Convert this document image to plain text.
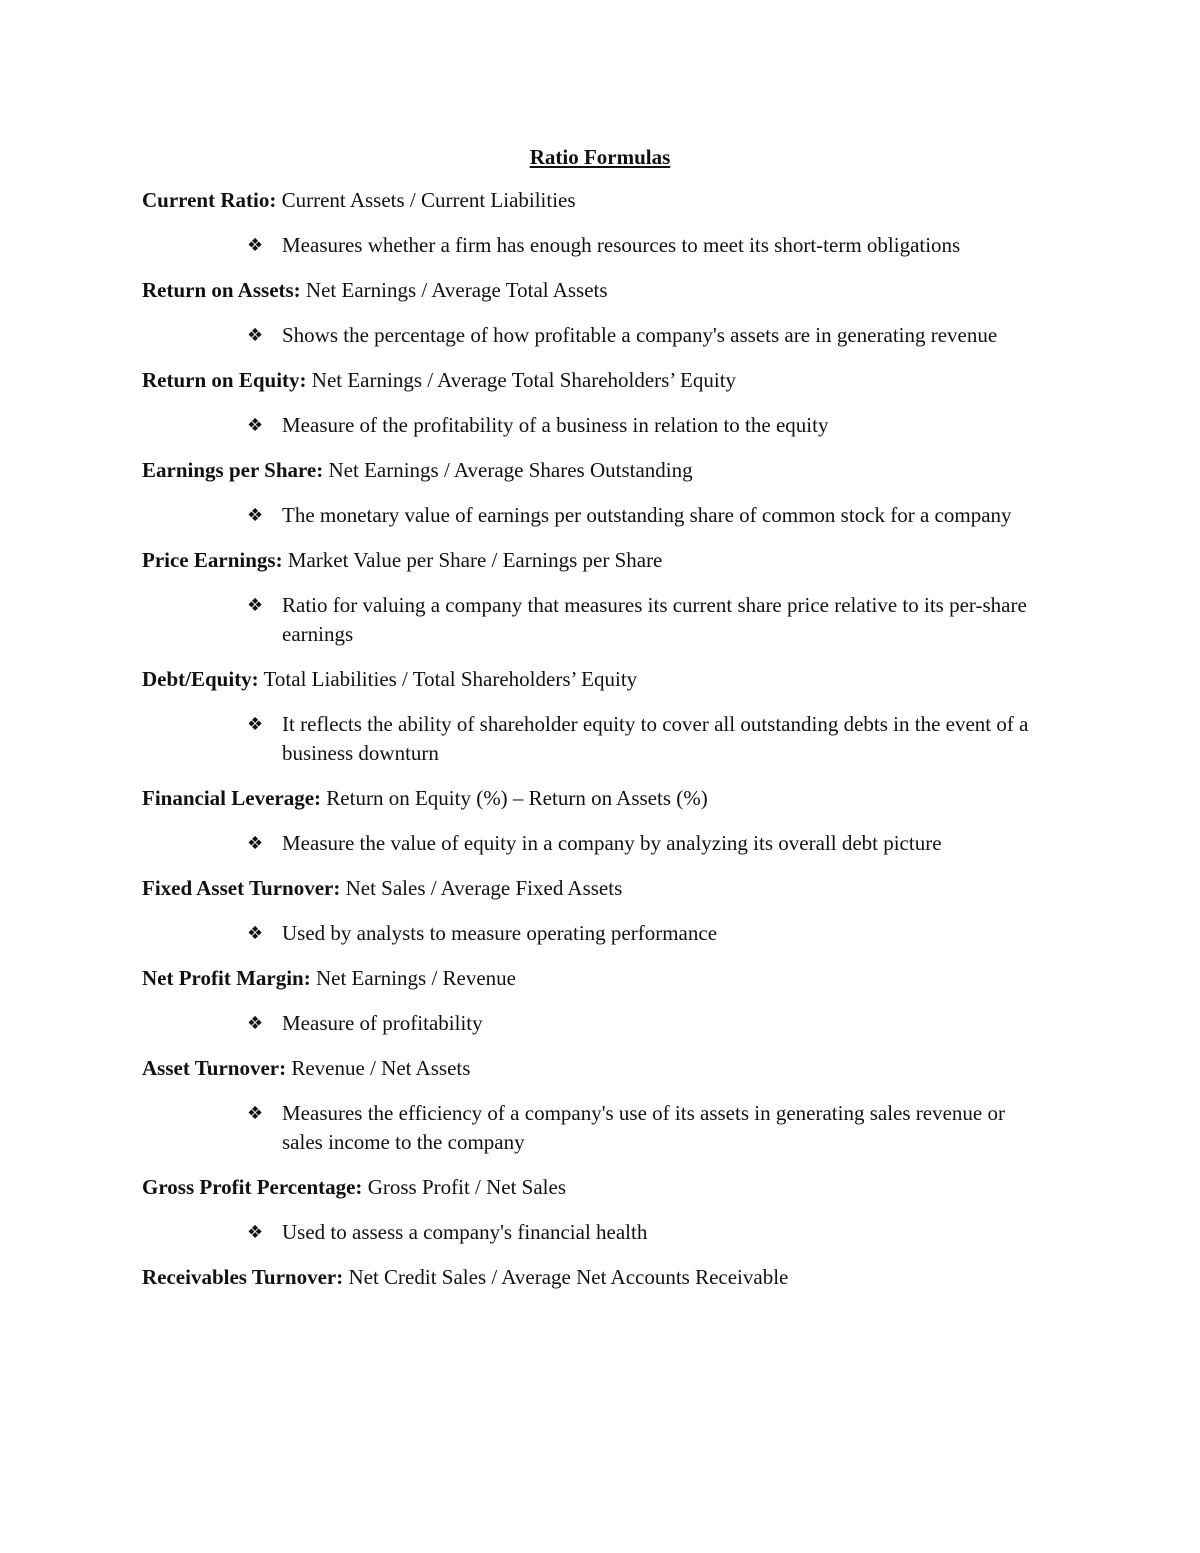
Ratio Formulas
Current Ratio: Current Assets / Current Liabilities
❖ Measures whether a firm has enough resources to meet its short-term obligations
Return on Assets: Net Earnings / Average Total Assets
❖ Shows the percentage of how profitable a company's assets are in generating revenue
Return on Equity: Net Earnings / Average Total Shareholders’ Equity
❖ Measure of the profitability of a business in relation to the equity
Earnings per Share: Net Earnings / Average Shares Outstanding
❖ The monetary value of earnings per outstanding share of common stock for a company
Price Earnings: Market Value per Share / Earnings per Share
❖ Ratio for valuing a company that measures its current share price relative to its per-share earnings
Debt/Equity: Total Liabilities / Total Shareholders’ Equity
❖ It reflects the ability of shareholder equity to cover all outstanding debts in the event of a business downturn
Financial Leverage: Return on Equity (%) – Return on Assets (%)
❖ Measure the value of equity in a company by analyzing its overall debt picture
Fixed Asset Turnover: Net Sales / Average Fixed Assets
❖ Used by analysts to measure operating performance
Net Profit Margin: Net Earnings / Revenue
❖ Measure of profitability
Asset Turnover: Revenue / Net Assets
❖ Measures the efficiency of a company's use of its assets in generating sales revenue or sales income to the company
Gross Profit Percentage: Gross Profit / Net Sales
❖ Used to assess a company's financial health
Receivables Turnover: Net Credit Sales / Average Net Accounts Receivable
